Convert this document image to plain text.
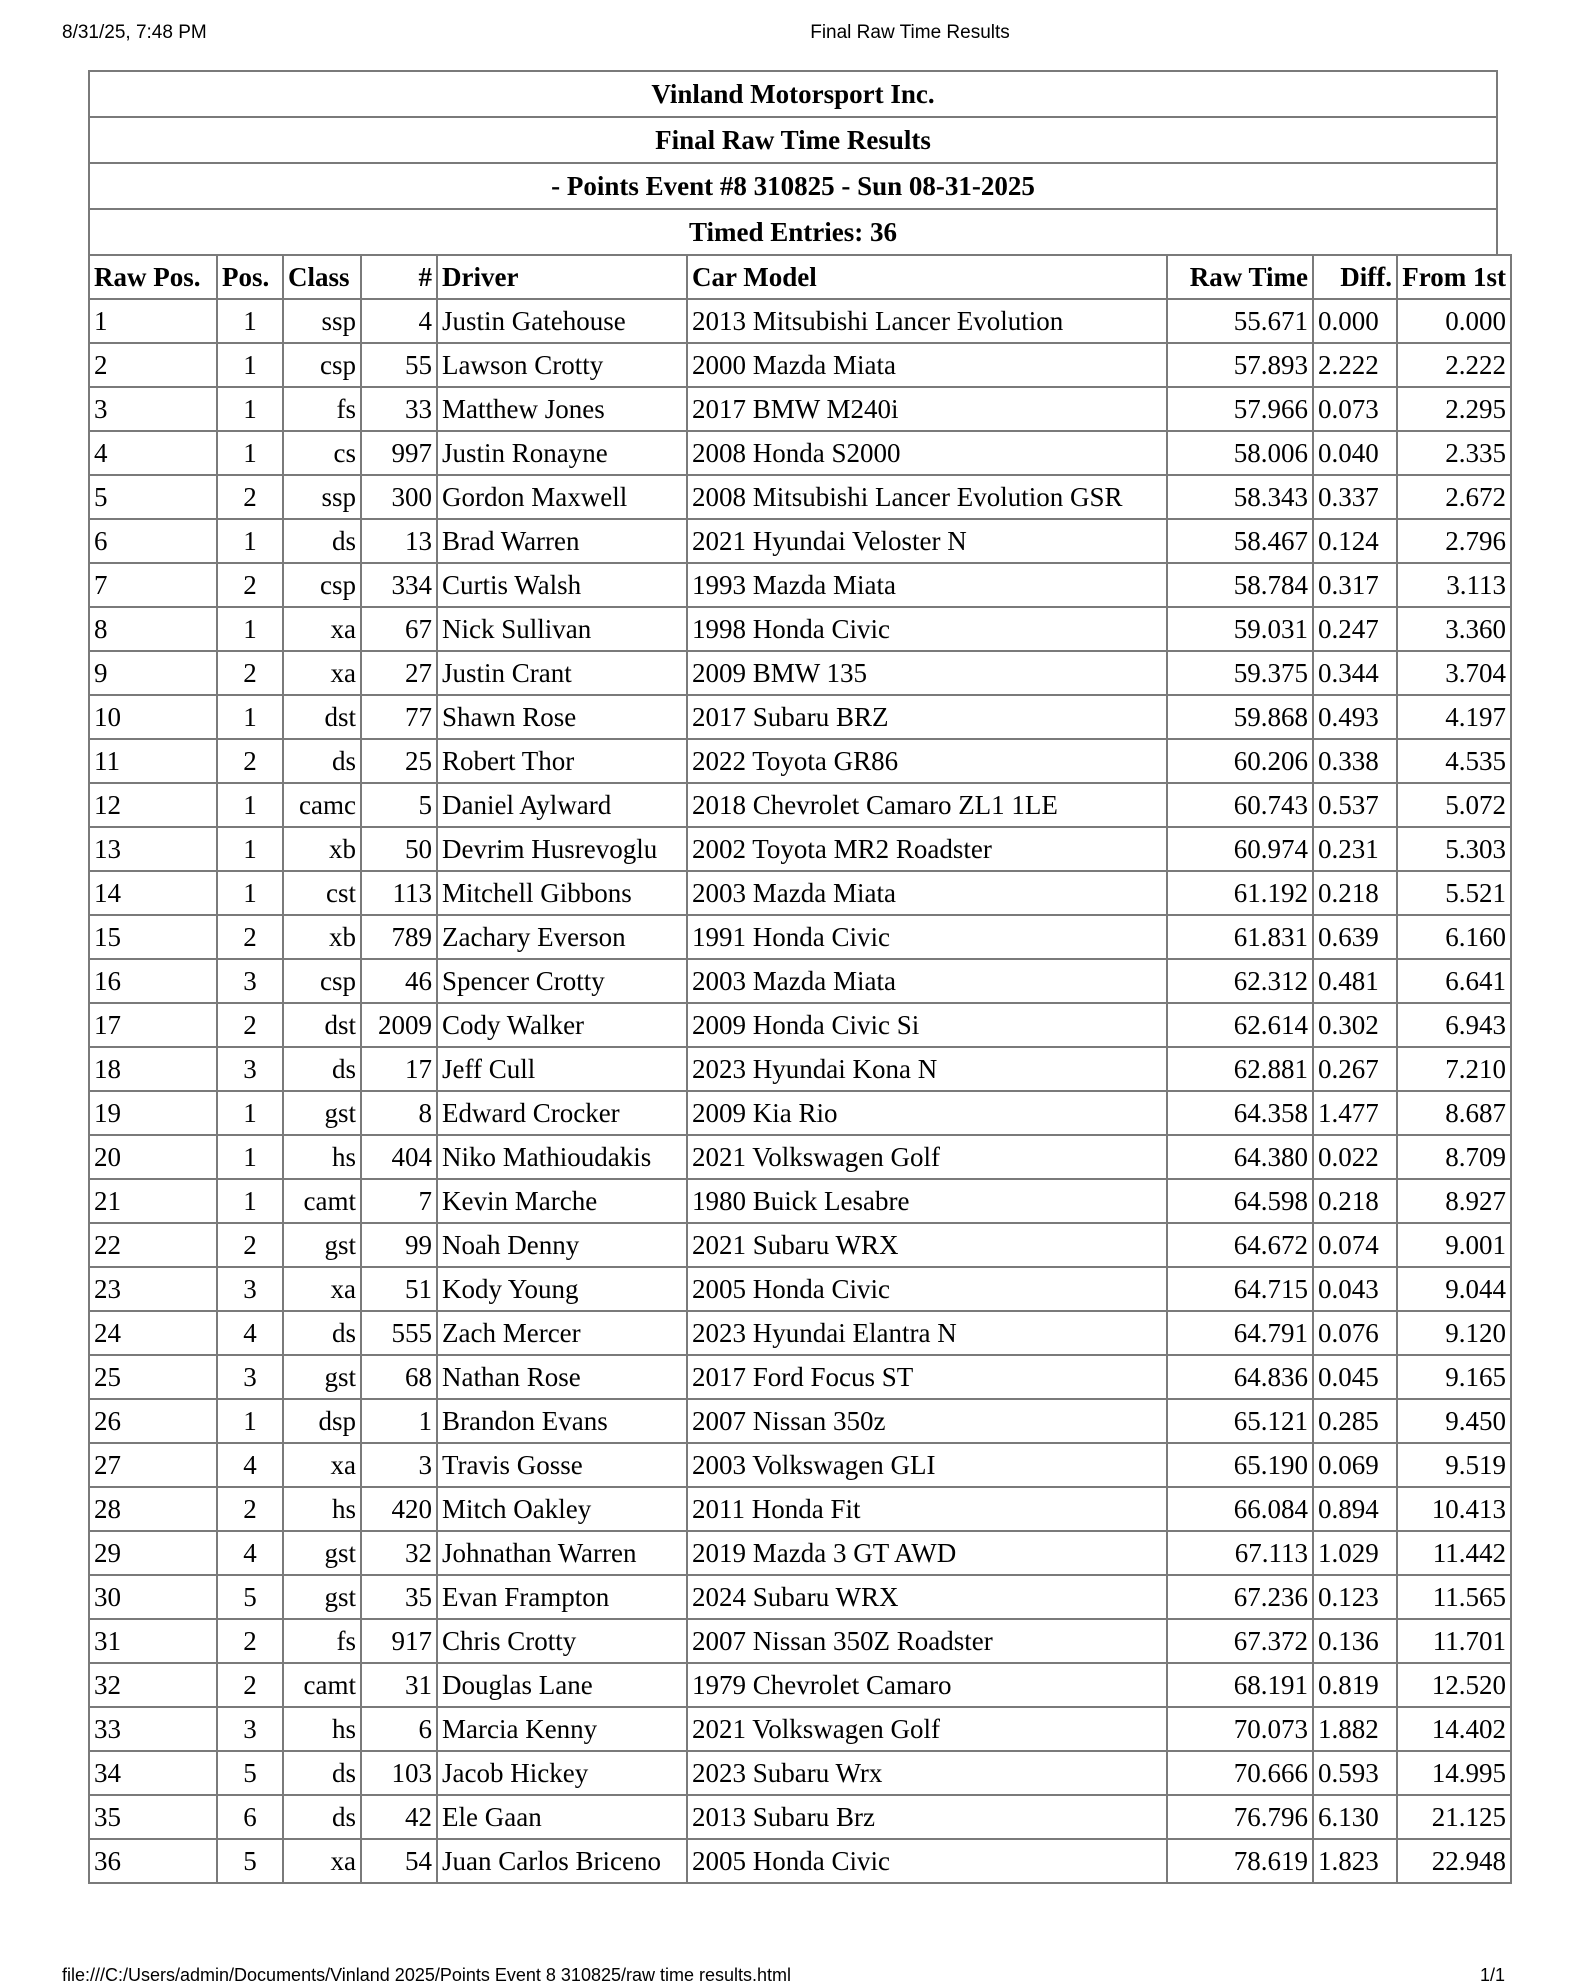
8/31/25, 7:48 PM	Final Raw Time Results
Vinland Motorsport Inc.
Final Raw Time Results
- Points Event #8 310825 - Sun 08-31-2025
Timed Entries: 36
Raw Pos.	Pos.	Class	#	Driver	Car Model	Raw Time	Diff.	From 1st
1	1	ssp	4	Justin Gatehouse	2013 Mitsubishi Lancer Evolution	55.671	0.000	0.000
2	1	csp	55	Lawson Crotty	2000 Mazda Miata	57.893	2.222	2.222
3	1	fs	33	Matthew Jones	2017 BMW M240i	57.966	0.073	2.295
4	1	cs	997	Justin Ronayne	2008 Honda S2000	58.006	0.040	2.335
5	2	ssp	300	Gordon Maxwell	2008 Mitsubishi Lancer Evolution GSR	58.343	0.337	2.672
6	1	ds	13	Brad Warren	2021 Hyundai Veloster N	58.467	0.124	2.796
7	2	csp	334	Curtis Walsh	1993 Mazda Miata	58.784	0.317	3.113
8	1	xa	67	Nick Sullivan	1998 Honda Civic	59.031	0.247	3.360
9	2	xa	27	Justin Crant	2009 BMW 135	59.375	0.344	3.704
10	1	dst	77	Shawn Rose	2017 Subaru BRZ	59.868	0.493	4.197
11	2	ds	25	Robert Thor	2022 Toyota GR86	60.206	0.338	4.535
12	1	camc	5	Daniel Aylward	2018 Chevrolet Camaro ZL1 1LE	60.743	0.537	5.072
13	1	xb	50	Devrim Husrevoglu	2002 Toyota MR2 Roadster	60.974	0.231	5.303
14	1	cst	113	Mitchell Gibbons	2003 Mazda Miata	61.192	0.218	5.521
15	2	xb	789	Zachary Everson	1991 Honda Civic	61.831	0.639	6.160
16	3	csp	46	Spencer Crotty	2003 Mazda Miata	62.312	0.481	6.641
17	2	dst	2009	Cody Walker	2009 Honda Civic Si	62.614	0.302	6.943
18	3	ds	17	Jeff Cull	2023 Hyundai Kona N	62.881	0.267	7.210
19	1	gst	8	Edward Crocker	2009 Kia Rio	64.358	1.477	8.687
20	1	hs	404	Niko Mathioudakis	2021 Volkswagen Golf	64.380	0.022	8.709
21	1	camt	7	Kevin Marche	1980 Buick Lesabre	64.598	0.218	8.927
22	2	gst	99	Noah Denny	2021 Subaru WRX	64.672	0.074	9.001
23	3	xa	51	Kody Young	2005 Honda Civic	64.715	0.043	9.044
24	4	ds	555	Zach Mercer	2023 Hyundai Elantra N	64.791	0.076	9.120
25	3	gst	68	Nathan Rose	2017 Ford Focus ST	64.836	0.045	9.165
26	1	dsp	1	Brandon Evans	2007 Nissan 350z	65.121	0.285	9.450
27	4	xa	3	Travis Gosse	2003 Volkswagen GLI	65.190	0.069	9.519
28	2	hs	420	Mitch Oakley	2011 Honda Fit	66.084	0.894	10.413
29	4	gst	32	Johnathan Warren	2019 Mazda 3 GT AWD	67.113	1.029	11.442
30	5	gst	35	Evan Frampton	2024 Subaru WRX	67.236	0.123	11.565
31	2	fs	917	Chris Crotty	2007 Nissan 350Z Roadster	67.372	0.136	11.701
32	2	camt	31	Douglas Lane	1979 Chevrolet Camaro	68.191	0.819	12.520
33	3	hs	6	Marcia Kenny	2021 Volkswagen Golf	70.073	1.882	14.402
34	5	ds	103	Jacob Hickey	2023 Subaru Wrx	70.666	0.593	14.995
35	6	ds	42	Ele Gaan	2013 Subaru Brz	76.796	6.130	21.125
36	5	xa	54	Juan Carlos Briceno	2005 Honda Civic	78.619	1.823	22.948
file:///C:/Users/admin/Documents/Vinland 2025/Points Event 8 310825/raw time results.html	1/1
